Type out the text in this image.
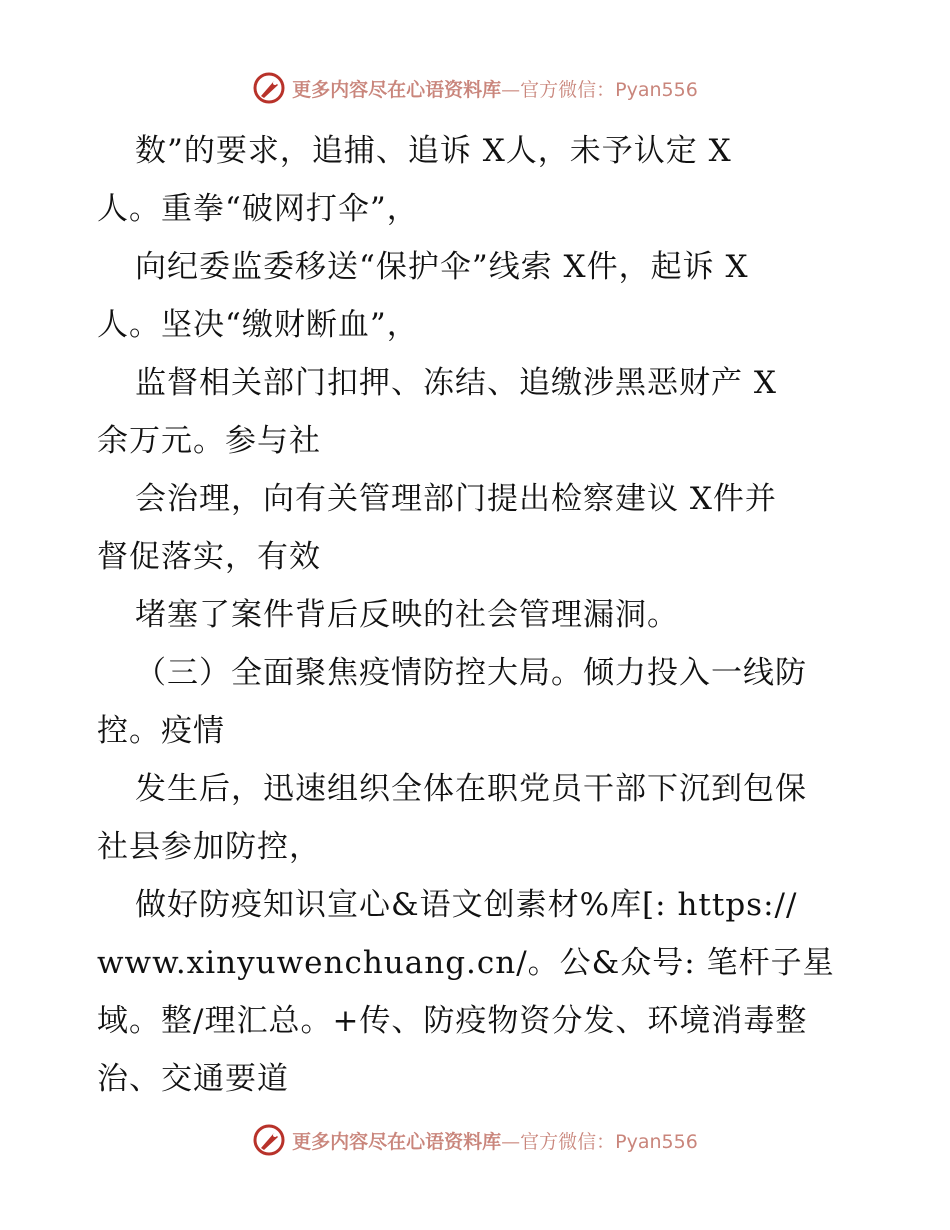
更多内容尽在心语资料库—官方微信：Pyan556
数”的要求，追捕、追诉 X人，未予认定 X
人。重拳“破网打伞”，
向纪委监委移送“保护伞”线索 X件，起诉 X
人。坚决“缴财断血”，
监督相关部门扣押、冻结、追缴涉黑恶财产 X
余万元。参与社
会治理，向有关管理部门提出检察建议 X件并
督促落实，有效
堵塞了案件背后反映的社会管理漏洞。
（三）全面聚焦疫情防控大局。倾力投入一线防
控。疫情
发生后，迅速组织全体在职党员干部下沉到包保
社县参加防控，
做好防疫知识宣心&语文创素材%库[: https://
www.xinyuwenchuang.cn/。公&众号: 笔杆子星
域。整/理汇总。+传、防疫物资分发、环境消毒整
治、交通要道
更多内容尽在心语资料库—官方微信：Pyan556
